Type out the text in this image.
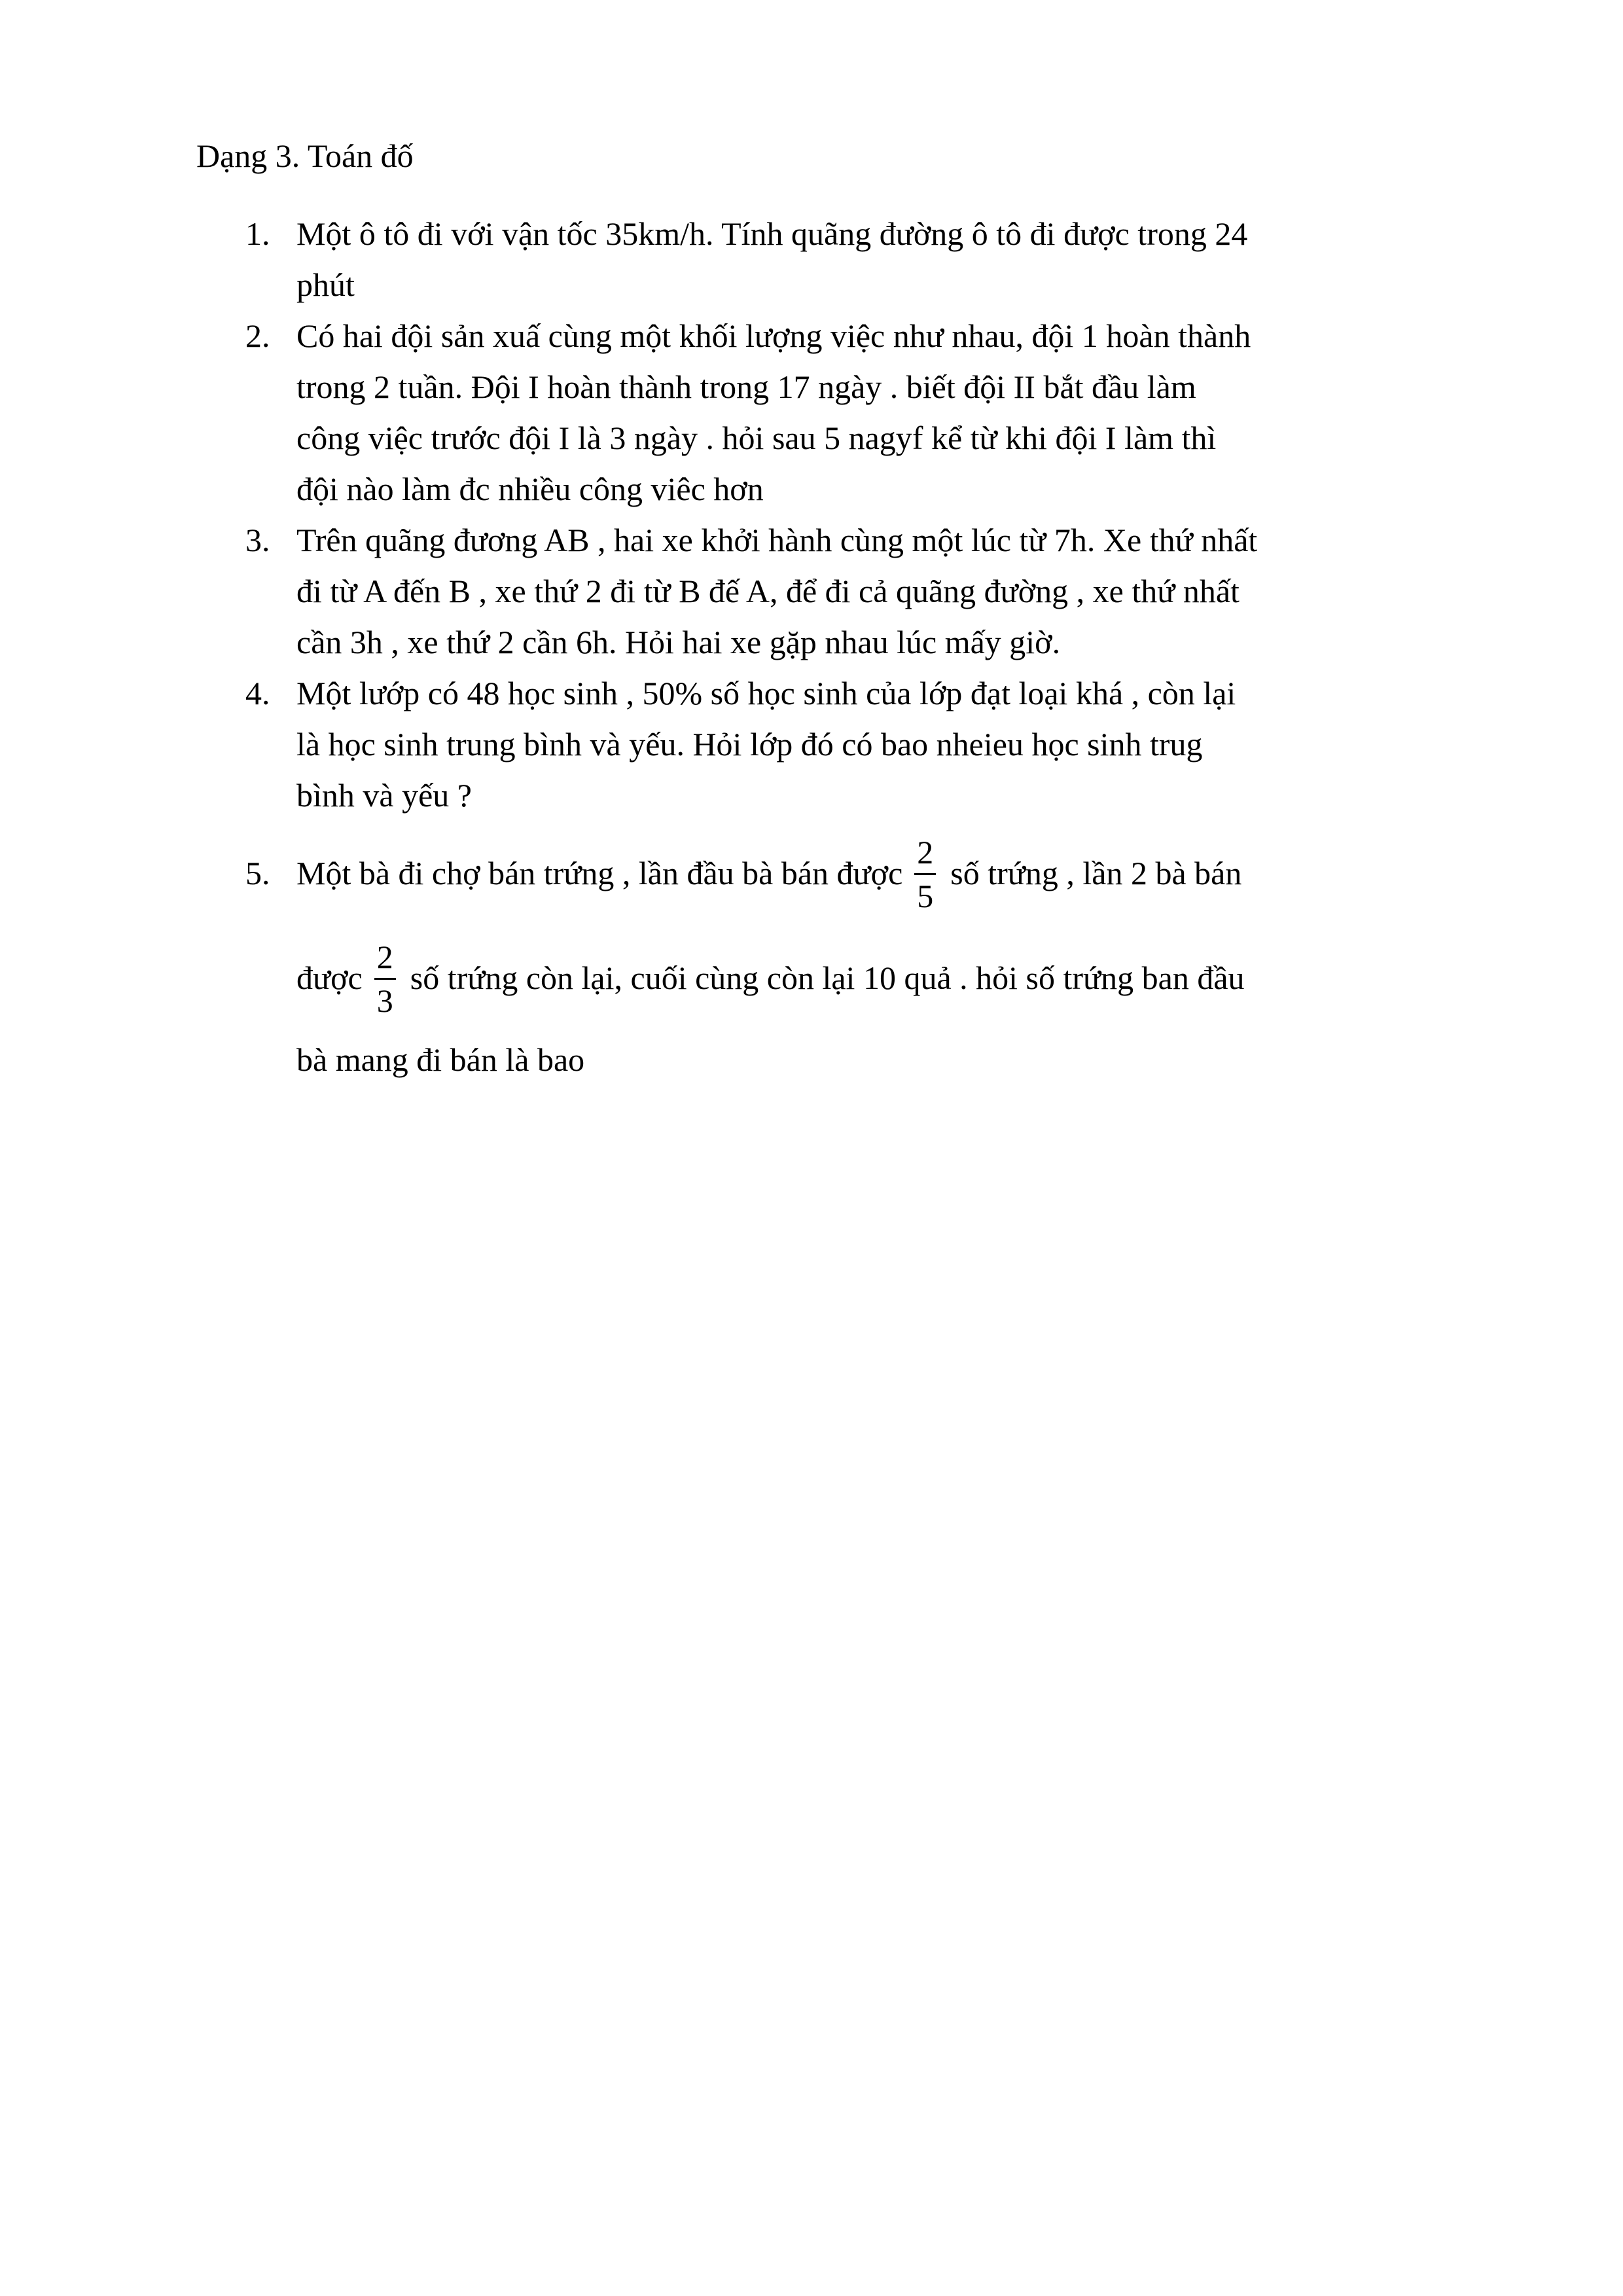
Dạng 3. Toán đố
1. Một ô tô đi với vận tốc 35km/h. Tính quãng đường ô tô đi được trong 24
phút
2. Có hai đội sản xuấ cùng một khối lượng việc như nhau, đội 1 hoàn thành
trong 2 tuần. Đội I hoàn thành trong 17 ngày . biết đội II bắt đầu làm
công việc trước đội I là 3 ngày . hỏi sau 5 nagyf kể từ khi đội I làm thì
đội nào làm đc nhiều công viêc hơn
3. Trên quãng đương AB , hai xe khởi hành cùng một lúc từ 7h. Xe thứ nhất
đi từ A đến B , xe thứ 2 đi từ B đế A, để đi cả quãng đường , xe thứ nhất
cần 3h , xe thứ 2 cần 6h. Hỏi hai xe gặp nhau lúc mấy giờ.
4. Một lướp có 48 học sinh , 50% số học sinh của lớp đạt loại khá , còn lại
là học sinh trung bình và yếu. Hỏi lớp đó có bao nheieu học sinh trug
bình và yếu ?
5. Một bà đi chợ bán trứng , lần đầu bà bán được $\frac{2}{5}$ số trứng , lần 2 bà bán
được $\frac{2}{3}$ số trứng còn lại, cuối cùng còn lại 10 quả . hỏi số trứng ban đầu
bà mang đi bán là bao
